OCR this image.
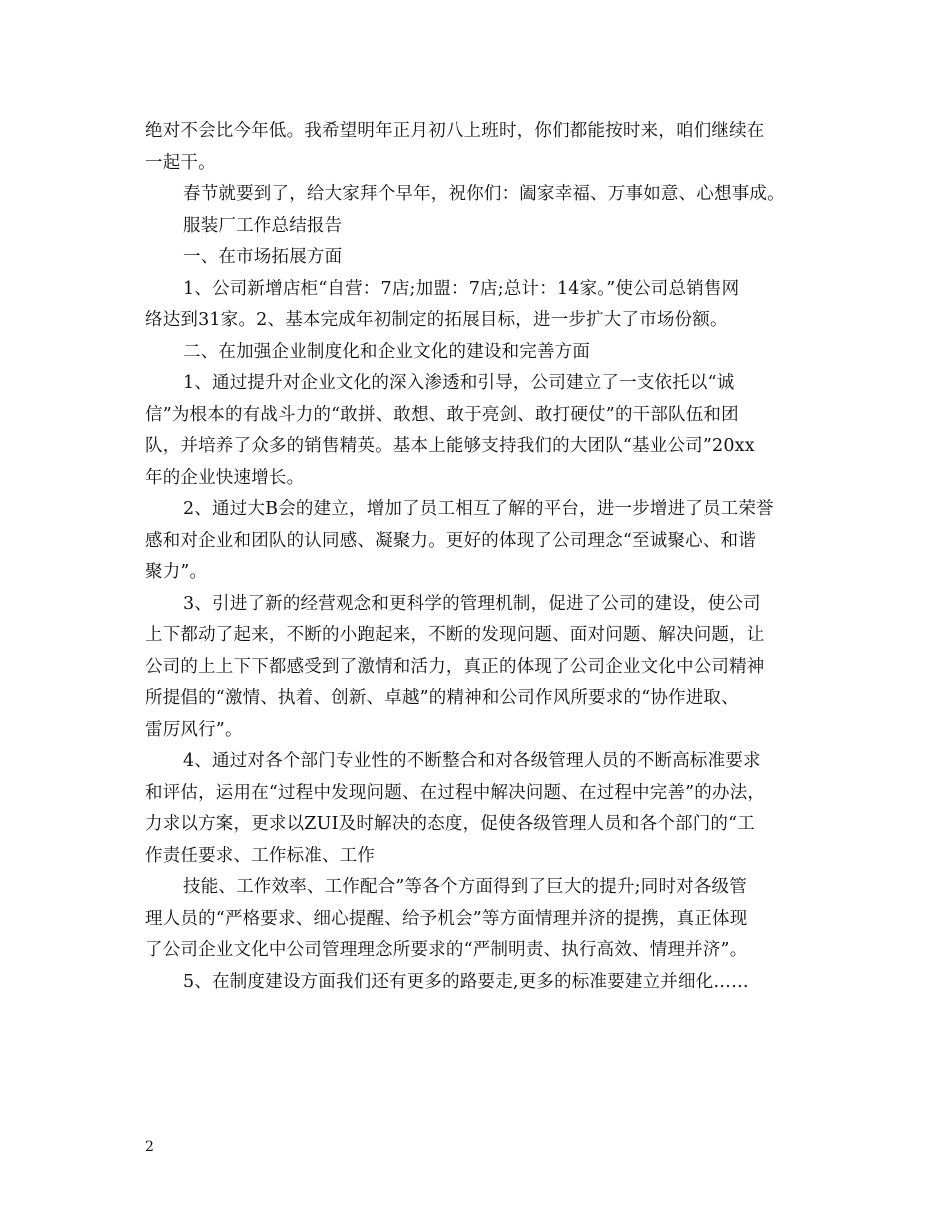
绝对不会比今年低。我希望明年正月初八上班时，你们都能按时来，咱们继续在
一起干。
春节就要到了，给大家拜个早年，祝你们：阖家幸福、万事如意、心想事成。
服装厂工作总结报告
一、在市场拓展方面
1、公司新增店柜“自营：7店;加盟：7店;总计：14家。”使公司总销售网
络达到31家。2、基本完成年初制定的拓展目标，进一步扩大了市场份额。
二、在加强企业制度化和企业文化的建设和完善方面
1、通过提升对企业文化的深入渗透和引导，公司建立了一支依托以“诚
信”为根本的有战斗力的“敢拼、敢想、敢于亮剑、敢打硬仗”的干部队伍和团
队，并培养了众多的销售精英。基本上能够支持我们的大团队“基业公司”20xx
年的企业快速增长。
2、通过大B会的建立，增加了员工相互了解的平台，进一步增进了员工荣誉
感和对企业和团队的认同感、凝聚力。更好的体现了公司理念“至诚聚心、和谐
聚力”。
3、引进了新的经营观念和更科学的管理机制，促进了公司的建设，使公司
上下都动了起来，不断的小跑起来，不断的发现问题、面对问题、解决问题，让
公司的上上下下都感受到了激情和活力，真正的体现了公司企业文化中公司精神
所提倡的“激情、执着、创新、卓越”的精神和公司作风所要求的“协作进取、
雷厉风行”。
4、通过对各个部门专业性的不断整合和对各级管理人员的不断高标准要求
和评估，运用在“过程中发现问题、在过程中解决问题、在过程中完善”的办法，
力求以方案，更求以ZUI及时解决的态度，促使各级管理人员和各个部门的“工
作责任要求、工作标准、工作
技能、工作效率、工作配合”等各个方面得到了巨大的提升;同时对各级管
理人员的“严格要求、细心提醒、给予机会”等方面情理并济的提携，真正体现
了公司企业文化中公司管理理念所要求的“严制明责、执行高效、情理并济”。
5、在制度建设方面我们还有更多的路要走,更多的标准要建立并细化……
2
